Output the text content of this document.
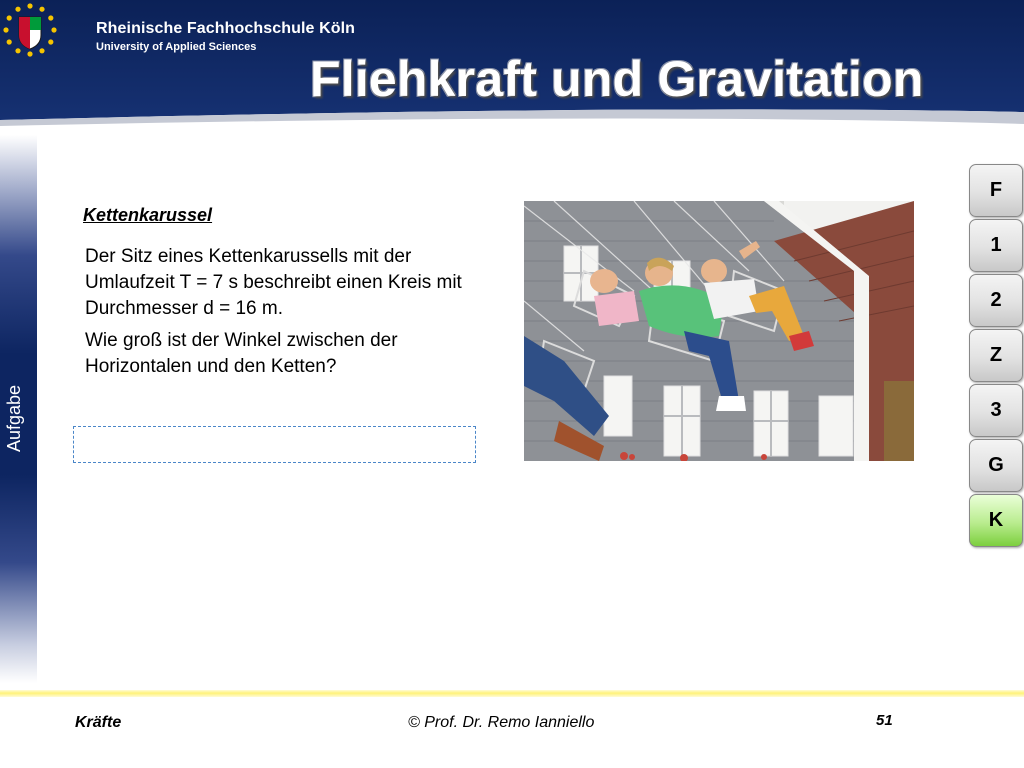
Rheinische Fachhochschule Köln
University of Applied Sciences
Fliehkraft und Gravitation
Aufgabe
Kettenkarussel
Der Sitz eines Kettenkarussells mit der Umlaufzeit T = 7 s beschreibt einen Kreis mit Durchmesser d = 16 m.
Wie groß ist der Winkel zwischen der Horizontalen und den Ketten?
F
1
2
Z
3
G
K
Kräfte	© Prof. Dr. Remo Ianniello	51
